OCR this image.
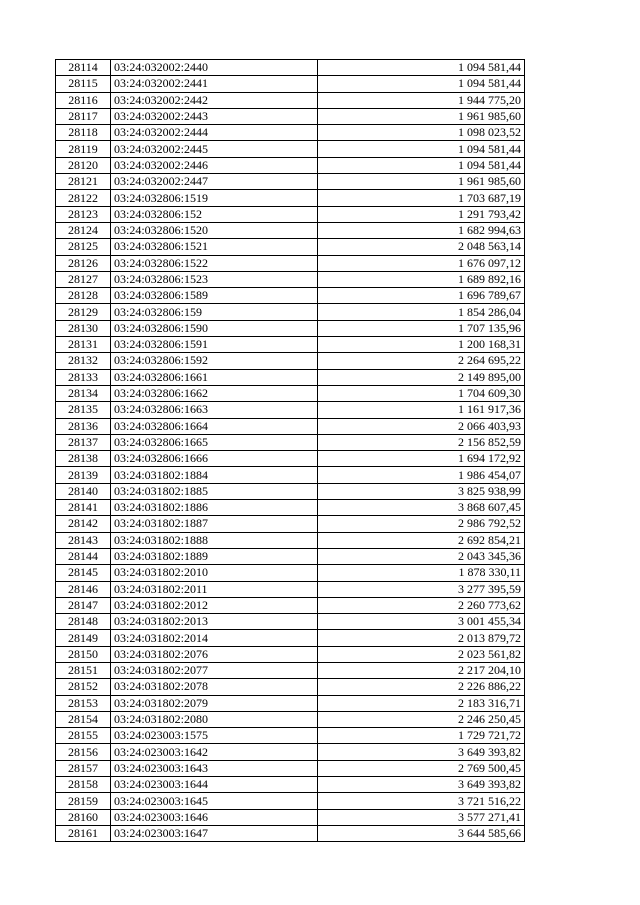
28114	03:24:032002:2440	1 094 581,44
28115	03:24:032002:2441	1 094 581,44
28116	03:24:032002:2442	1 944 775,20
28117	03:24:032002:2443	1 961 985,60
28118	03:24:032002:2444	1 098 023,52
28119	03:24:032002:2445	1 094 581,44
28120	03:24:032002:2446	1 094 581,44
28121	03:24:032002:2447	1 961 985,60
28122	03:24:032806:1519	1 703 687,19
28123	03:24:032806:152	1 291 793,42
28124	03:24:032806:1520	1 682 994,63
28125	03:24:032806:1521	2 048 563,14
28126	03:24:032806:1522	1 676 097,12
28127	03:24:032806:1523	1 689 892,16
28128	03:24:032806:1589	1 696 789,67
28129	03:24:032806:159	1 854 286,04
28130	03:24:032806:1590	1 707 135,96
28131	03:24:032806:1591	1 200 168,31
28132	03:24:032806:1592	2 264 695,22
28133	03:24:032806:1661	2 149 895,00
28134	03:24:032806:1662	1 704 609,30
28135	03:24:032806:1663	1 161 917,36
28136	03:24:032806:1664	2 066 403,93
28137	03:24:032806:1665	2 156 852,59
28138	03:24:032806:1666	1 694 172,92
28139	03:24:031802:1884	1 986 454,07
28140	03:24:031802:1885	3 825 938,99
28141	03:24:031802:1886	3 868 607,45
28142	03:24:031802:1887	2 986 792,52
28143	03:24:031802:1888	2 692 854,21
28144	03:24:031802:1889	2 043 345,36
28145	03:24:031802:2010	1 878 330,11
28146	03:24:031802:2011	3 277 395,59
28147	03:24:031802:2012	2 260 773,62
28148	03:24:031802:2013	3 001 455,34
28149	03:24:031802:2014	2 013 879,72
28150	03:24:031802:2076	2 023 561,82
28151	03:24:031802:2077	2 217 204,10
28152	03:24:031802:2078	2 226 886,22
28153	03:24:031802:2079	2 183 316,71
28154	03:24:031802:2080	2 246 250,45
28155	03:24:023003:1575	1 729 721,72
28156	03:24:023003:1642	3 649 393,82
28157	03:24:023003:1643	2 769 500,45
28158	03:24:023003:1644	3 649 393,82
28159	03:24:023003:1645	3 721 516,22
28160	03:24:023003:1646	3 577 271,41
28161	03:24:023003:1647	3 644 585,66
